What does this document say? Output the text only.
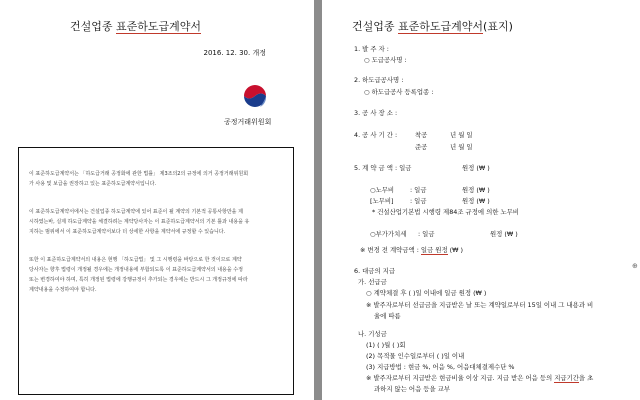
건설업종 표준하도급계약서
2016. 12. 30. 개정
공정거래위원회
이 표준하도급계약서는 「하도급거래 공정화에 관한 법률」 제3조의2의 규정에 의거 공정거래위원회
가 사용 및 보급을 권장하고 있는 표준하도급계약서입니다.
이 표준하도급계약서에서는 건설업종 하도급계약에 있어 표준이 될 계약의 기본적 공통사항만을 제
시하였는바, 실제 하도급계약을 체결하려는 계약당사자는 이 표준하도급계약서의 기본 틀과 내용을 유
지하는 범위에서 이 표준하도급계약서보다 더 상세한 사항을 계약서에 규정할 수 있습니다.
또한 이 표준하도급계약서의 내용은 현행 「하도급법」 및 그 시행령을 바탕으로 한 것이므로 계약
당사자는 향후 법령이 개정될 경우에는 개정내용에 부합되도록 이 표준하도급계약서의 내용을 수정
또는 변경하여야 하며, 특히 개정된 법령에 강행규정이 추가되는 경우에는 반드시 그 개정규정에 따라
계약내용을 수정하여야 합니다.
건설업종 표준하도급계약서(표지)
1. 발 주 자 :
○ 도급공사명 :
2. 하도급공사명 :
○ 하도급공사 등록업종 :
3. 공 사 장 소 :
4. 공 사 기 간 :	착공	년 월 일
준공	년 월 일
5. 계 약 금 액 : 일금	원정 (₩ )
○노무비 : 일금	원정 (₩ )
[노무비]	: 일금	원정 (₩ )
* 건설산업기본법 시행령 제84조 규정에 의한 노무비
○부가가치세 : 일금	원정 (₩ )
※ 변경 전 계약금액 : 일금 원정 (₩ )
6. 대금의 지급
가. 선급금
○ 계약체결 후 ( )일 이내에 일금 원정 (₩ )
※ 발주자로부터 선급금을 지급받은 날 또는 계약일로부터 15일 이내 그 내용과 비
율에 따름
나. 기성금
(1) ( )월 ( )회
(2) 목적물 인수일로부터 ( )일 이내
(3) 지급방법 : 현금 %, 어음 %, 어음대체결제수단 %
※ 발주자로부터 지급받은 현금비율 이상 지급. 지급 받은 어음 등의 지급기간을 초
과하지 않는 어음 등을 교부
⊕
